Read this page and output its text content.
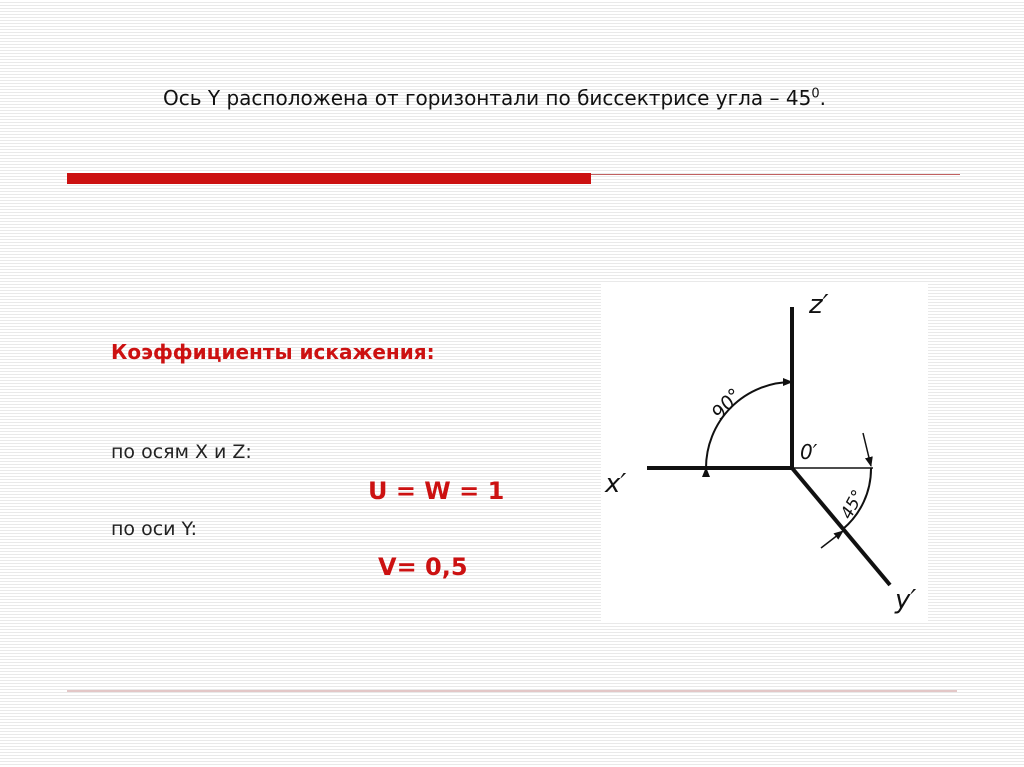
Ось Y расположена от горизонтали по биссектрисе угла – $45^0$.
Коэффициенты искажения:
по осям X и Z:
U = W = 1
по оси Y:
V= 0,5
z′
x′
y′
0′
90°
45°
